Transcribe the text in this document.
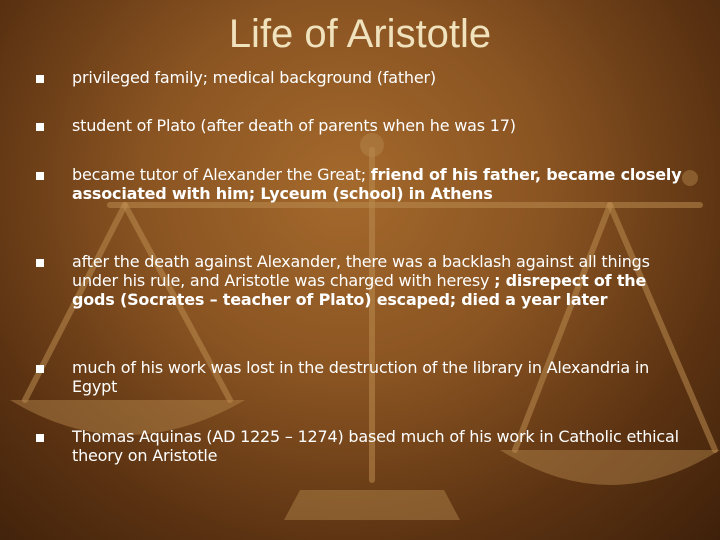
Life of Aristotle
privileged family; medical background (father)
student of Plato (after death of parents when he was 17)
became tutor of Alexander the Great; friend of his father, became closely associated with him; Lyceum (school) in Athens
after the death against Alexander, there was a backlash against all things under his rule, and Aristotle was charged with heresy ; disrepect of the gods (Socrates – teacher of Plato) escaped; died a year later
much of his work was lost in the destruction of the library in Alexandria in Egypt
Thomas Aquinas (AD 1225 – 1274) based much of his work in Catholic ethical theory on Aristotle
